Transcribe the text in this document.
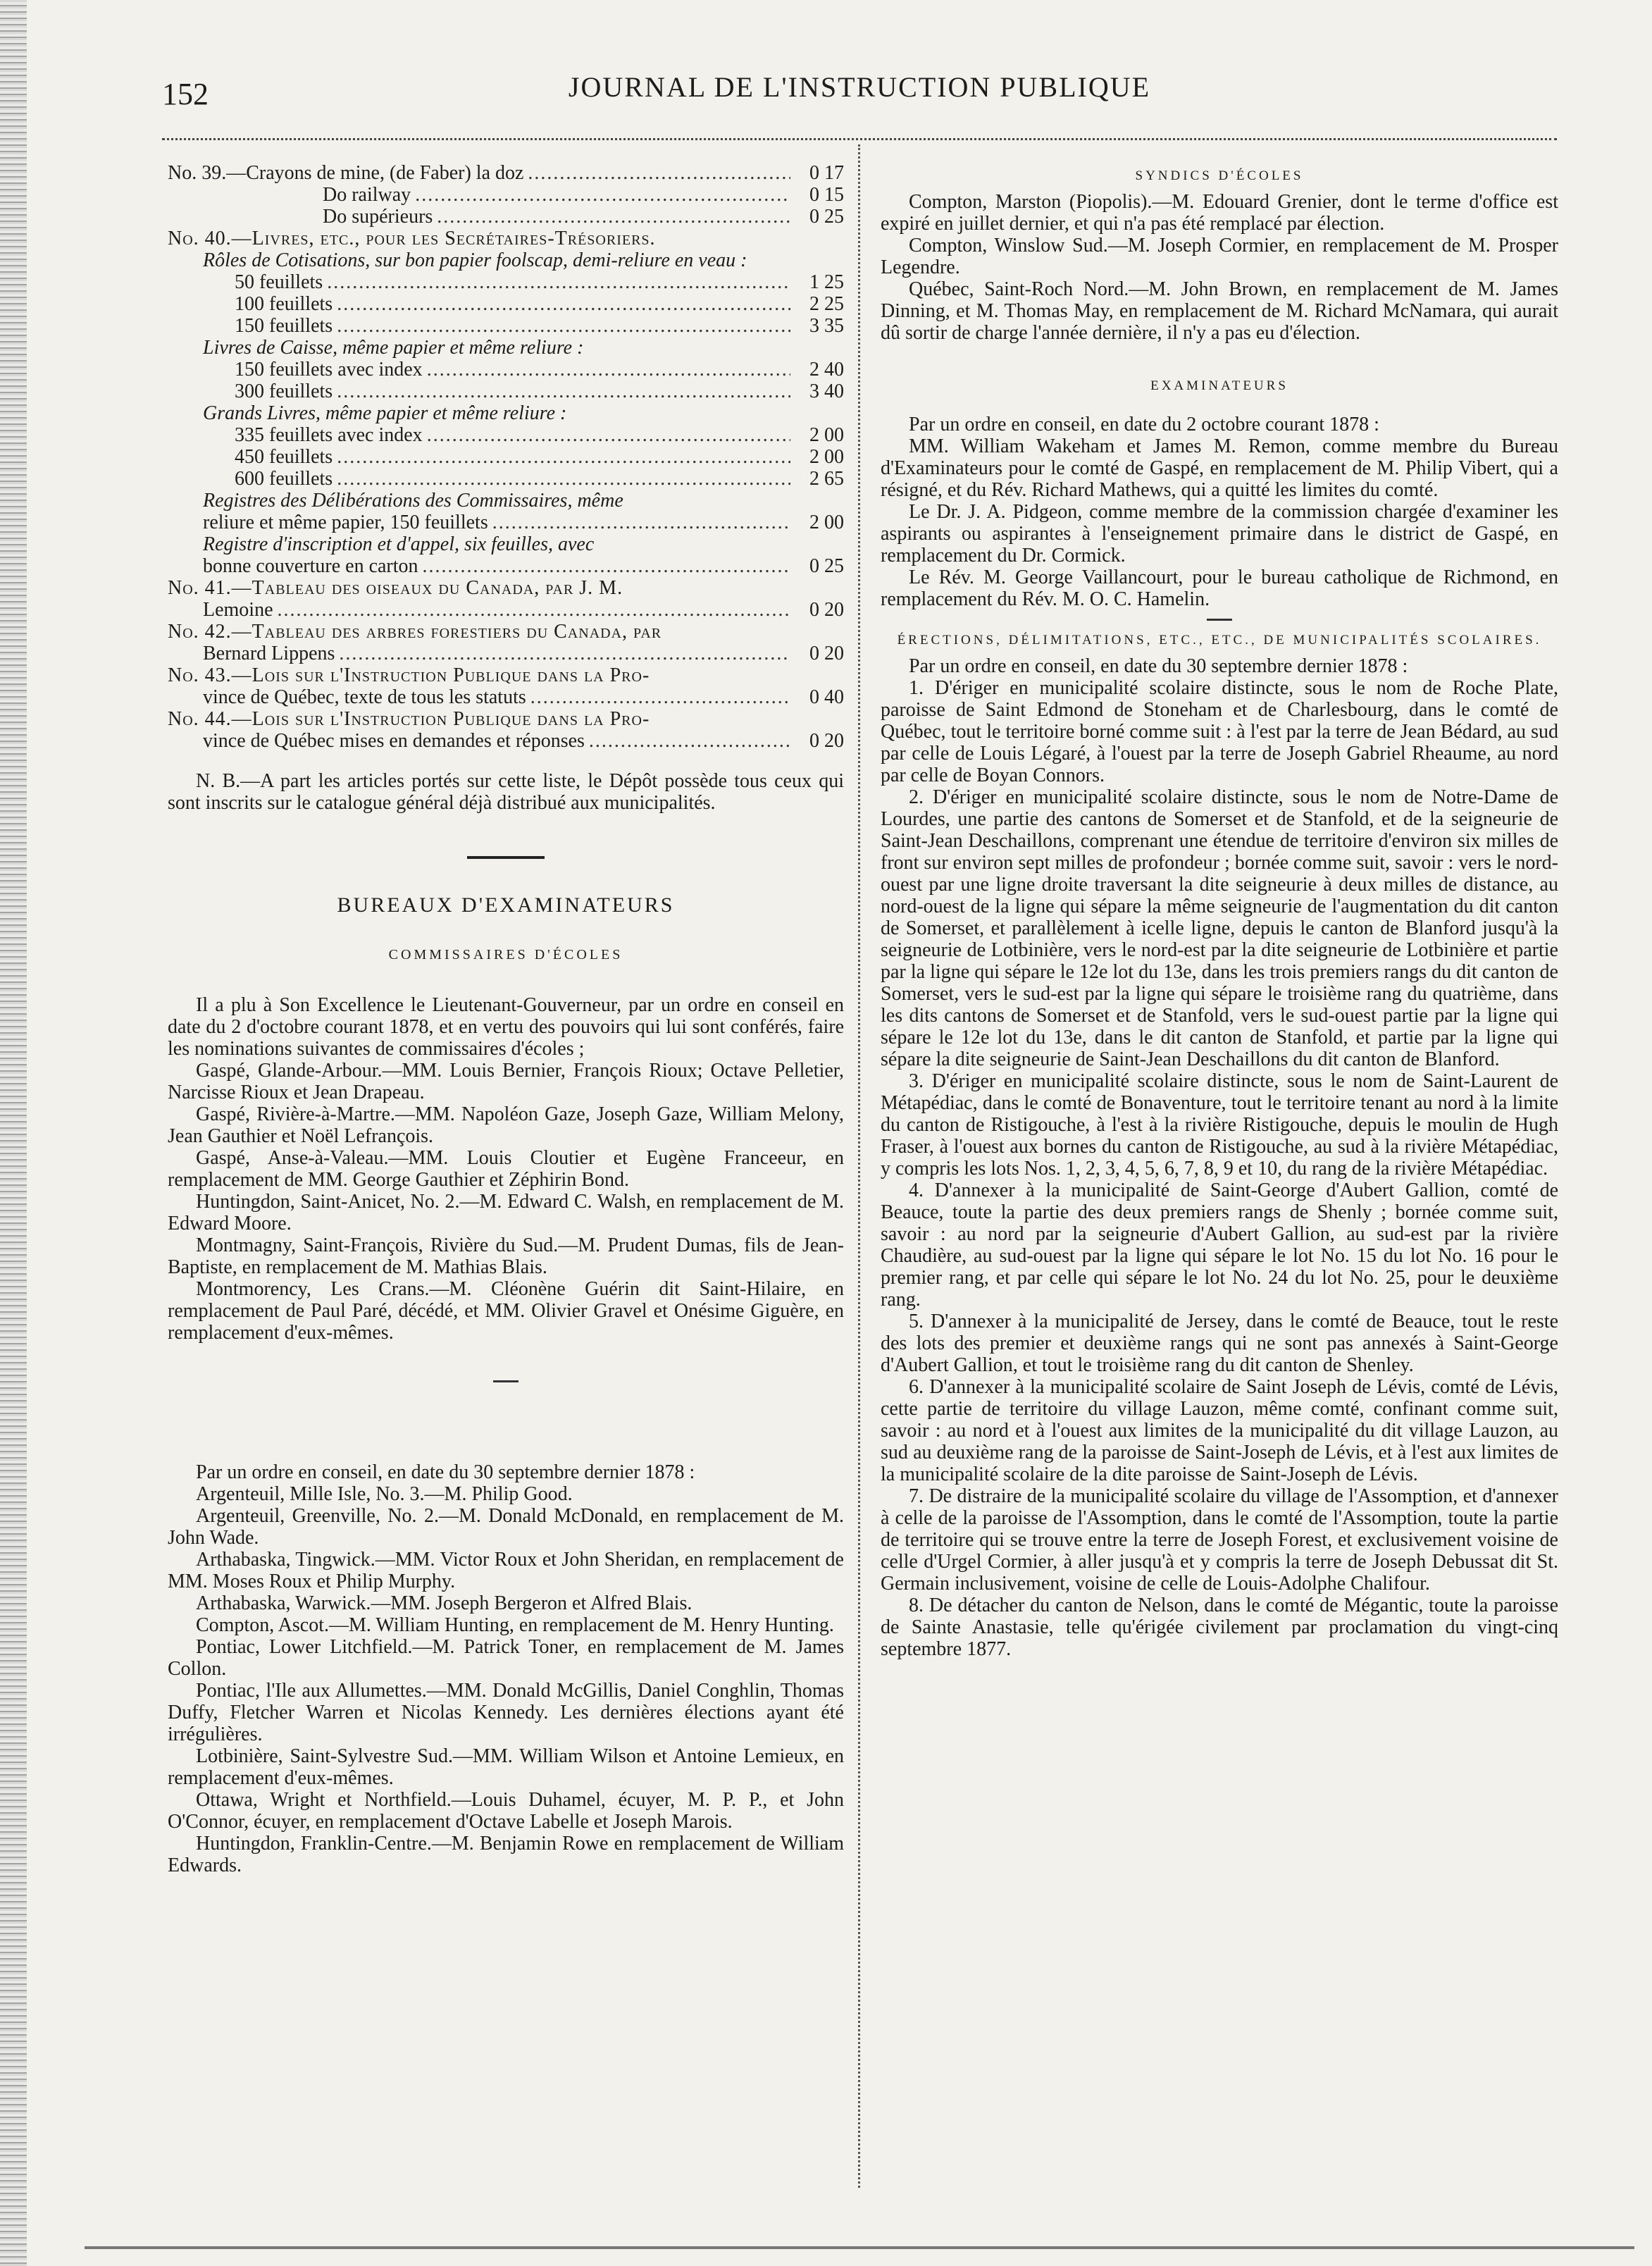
152	JOURNAL DE L'INSTRUCTION PUBLIQUE
No. 39.—Crayons de mine, (de Faber) la doz .....	0 17
Do railway .....	0 15
Do supérieurs .....	0 25
No. 40.—Livres, etc., pour les Secrétaires-Trésoriers.
Rôles de Cotisations, sur bon papier foolscap, demi-reliure en veau :
50 feuillets .....	1 25
100 feuillets .....	2 25
150 feuillets .....	3 35
Livres de Caisse, même papier et même reliure :
150 feuillets avec index .....	2 40
300 feuillets .....	3 40
Grands Livres, même papier et même reliure :
335 feuillets avec index .....	2 00
450 feuillets .....	2 00
600 feuillets .....	2 65
Registres des Délibérations des Commissaires, même
reliure et même papier, 150 feuillets .....	2 00
Registre d'inscription et d'appel, six feuilles, avec
bonne couverture en carton .....	0 25
No. 41.—Tableau des oiseaux du Canada, par J. M.
Lemoine .....	0 20
No. 42.—Tableau des arbres forestiers du Canada, par
Bernard Lippens .....	0 20
No. 43.—Lois sur l'Instruction Publique dans la Pro-
vince de Québec, texte de tous les statuts .....	0 40
No. 44.—Lois sur l'Instruction Publique dans la Pro-
vince de Québec mises en demandes et réponses .....	0 20

N. B.—A part les articles portés sur cette liste, le Dépôt possède tous ceux qui sont inscrits sur le catalogue général déjà distribué aux municipalités.

BUREAUX D'EXAMINATEURS
COMMISSAIRES D'ÉCOLES

Il a plu à Son Excellence le Lieutenant-Gouverneur, par un ordre en conseil en date du 2 d'octobre courant 1878, et en vertu des pouvoirs qui lui sont conférés, faire les nominations suivantes de commissaires d'écoles ;

Gaspé, Glande-Arbour.—MM. Louis Bernier, François Rioux; Octave Pelletier, Narcisse Rioux et Jean Drapeau.

Gaspé, Rivière-à-Martre.—MM. Napoléon Gaze, Joseph Gaze, William Melony, Jean Gauthier et Noël Lefrançois.

Gaspé, Anse-à-Valeau.—MM. Louis Cloutier et Eugène Franceeur, en remplacement de MM. George Gauthier et Zéphirin Bond.

Huntingdon, Saint-Anicet, No. 2.—M. Edward C. Walsh, en remplacement de M. Edward Moore.

Montmagny, Saint-François, Rivière du Sud.—M. Prudent Dumas, fils de Jean-Baptiste, en remplacement de M. Mathias Blais.

Montmorency, Les Crans.—M. Cléonène Guérin dit Saint-Hilaire, en remplacement de Paul Paré, décédé, et MM. Olivier Gravel et Onésime Giguère, en remplacement d'eux-mêmes.

Par un ordre en conseil, en date du 30 septembre dernier 1878 :

Argenteuil, Mille Isle, No. 3.—M. Philip Good.

Argenteuil, Greenville, No. 2.—M. Donald McDonald, en remplacement de M. John Wade.

Arthabaska, Tingwick.—MM. Victor Roux et John Sheridan, en remplacement de MM. Moses Roux et Philip Murphy.

Arthabaska, Warwick.—MM. Joseph Bergeron et Alfred Blais.

Compton, Ascot.—M. William Hunting, en remplacement de M. Henry Hunting.

Pontiac, Lower Litchfield.—M. Patrick Toner, en remplacement de M. James Collon.

Pontiac, l'Ile aux Allumettes.—MM. Donald McGillis, Daniel Conghlin, Thomas Duffy, Fletcher Warren et Nicolas Kennedy. Les dernières élections ayant été irrégulières.

Lotbinière, Saint-Sylvestre Sud.—MM. William Wilson et Antoine Lemieux, en remplacement d'eux-mêmes.

Ottawa, Wright et Northfield.—Louis Duhamel, écuyer, M. P. P., et John O'Connor, écuyer, en remplacement d'Octave Labelle et Joseph Marois.

Huntingdon, Franklin-Centre.—M. Benjamin Rowe en remplacement de William Edwards.

SYNDICS D'ÉCOLES

Compton, Marston (Piopolis).—M. Edouard Grenier, dont le terme d'office est expiré en juillet dernier, et qui n'a pas été remplacé par élection.

Compton, Winslow Sud.—M. Joseph Cormier, en remplacement de M. Prosper Legendre.

Québec, Saint-Roch Nord.—M. John Brown, en remplacement de M. James Dinning, et M. Thomas May, en remplacement de M. Richard McNamara, qui aurait dû sortir de charge l'année dernière, il n'y a pas eu d'élection.

EXAMINATEURS

Par un ordre en conseil, en date du 2 octobre courant 1878 :

MM. William Wakeham et James M. Remon, comme membre du Bureau d'Examinateurs pour le comté de Gaspé, en remplacement de M. Philip Vibert, qui a résigné, et du Rév. Richard Mathews, qui a quitté les limites du comté.

Le Dr. J. A. Pidgeon, comme membre de la commission chargée d'examiner les aspirants ou aspirantes à l'enseignement primaire dans le district de Gaspé, en remplacement du Dr. Cormick.

Le Rév. M. George Vaillancourt, pour le bureau catholique de Richmond, en remplacement du Rév. M. O. C. Hamelin.

ÉRECTIONS, DÉLIMITATIONS, ETC., ETC., DE MUNICIPALITÉS SCOLAIRES.

Par un ordre en conseil, en date du 30 septembre dernier 1878 :

1. D'ériger en municipalité scolaire distincte, sous le nom de Roche Plate, paroisse de Saint Edmond de Stoneham et de Charlesbourg, dans le comté de Québec, tout le territoire borné comme suit : à l'est par la terre de Jean Bédard, au sud par celle de Louis Légaré, à l'ouest par la terre de Joseph Gabriel Rheaume, au nord par celle de Boyan Connors.

2. D'ériger en municipalité scolaire distincte, sous le nom de Notre-Dame de Lourdes, une partie des cantons de Somerset et de Stanfold, et de la seigneurie de Saint-Jean Deschaillons, comprenant une étendue de territoire d'environ six milles de front sur environ sept milles de profondeur ; bornée comme suit, savoir : vers le nord-ouest par une ligne droite traversant la dite seigneurie à deux milles de distance, au nord-ouest de la ligne qui sépare la même seigneurie de l'augmentation du dit canton de Somerset, et parallèlement à icelle ligne, depuis le canton de Blanford jusqu'à la seigneurie de Lotbinière, vers le nord-est par la dite seigneurie de Lotbinière et partie par la ligne qui sépare le 12e lot du 13e, dans les trois premiers rangs du dit canton de Somerset, vers le sud-est par la ligne qui sépare le troisième rang du quatrième, dans les dits cantons de Somerset et de Stanfold, vers le sud-ouest partie par la ligne qui sépare le 12e lot du 13e, dans le dit canton de Stanfold, et partie par la ligne qui sépare la dite seigneurie de Saint-Jean Deschaillons du dit canton de Blanford.

3. D'ériger en municipalité scolaire distincte, sous le nom de Saint-Laurent de Métapédiac, dans le comté de Bonaventure, tout le territoire tenant au nord à la limite du canton de Ristigouche, à l'est à la rivière Ristigouche, depuis le moulin de Hugh Fraser, à l'ouest aux bornes du canton de Ristigouche, au sud à la rivière Métapédiac, y compris les lots Nos. 1, 2, 3, 4, 5, 6, 7, 8, 9 et 10, du rang de la rivière Métapédiac.

4. D'annexer à la municipalité de Saint-George d'Aubert Gallion, comté de Beauce, toute la partie des deux premiers rangs de Shenly ; bornée comme suit, savoir : au nord par la seigneurie d'Aubert Gallion, au sud-est par la rivière Chaudière, au sud-ouest par la ligne qui sépare le lot No. 15 du lot No. 16 pour le premier rang, et par celle qui sépare le lot No. 24 du lot No. 25, pour le deuxième rang.

5. D'annexer à la municipalité de Jersey, dans le comté de Beauce, tout le reste des lots des premier et deuxième rangs qui ne sont pas annexés à Saint-George d'Aubert Gallion, et tout le troisième rang du dit canton de Shenley.

6. D'annexer à la municipalité scolaire de Saint Joseph de Lévis, comté de Lévis, cette partie de territoire du village Lauzon, même comté, confinant comme suit, savoir : au nord et à l'ouest aux limites de la municipalité du dit village Lauzon, au sud au deuxième rang de la paroisse de Saint-Joseph de Lévis, et à l'est aux limites de la municipalité scolaire de la dite paroisse de Saint-Joseph de Lévis.

7. De distraire de la municipalité scolaire du village de l'Assomption, et d'annexer à celle de la paroisse de l'Assomption, dans le comté de l'Assomption, toute la partie de territoire qui se trouve entre la terre de Joseph Forest, et exclusivement voisine de celle d'Urgel Cormier, à aller jusqu'à et y compris la terre de Joseph Debussat dit St. Germain inclusivement, voisine de celle de Louis-Adolphe Chalifour.

8. De détacher du canton de Nelson, dans le comté de Mégantic, toute la paroisse de Sainte Anastasie, telle qu'érigée civilement par proclamation du vingt-cinq septembre 1877.
